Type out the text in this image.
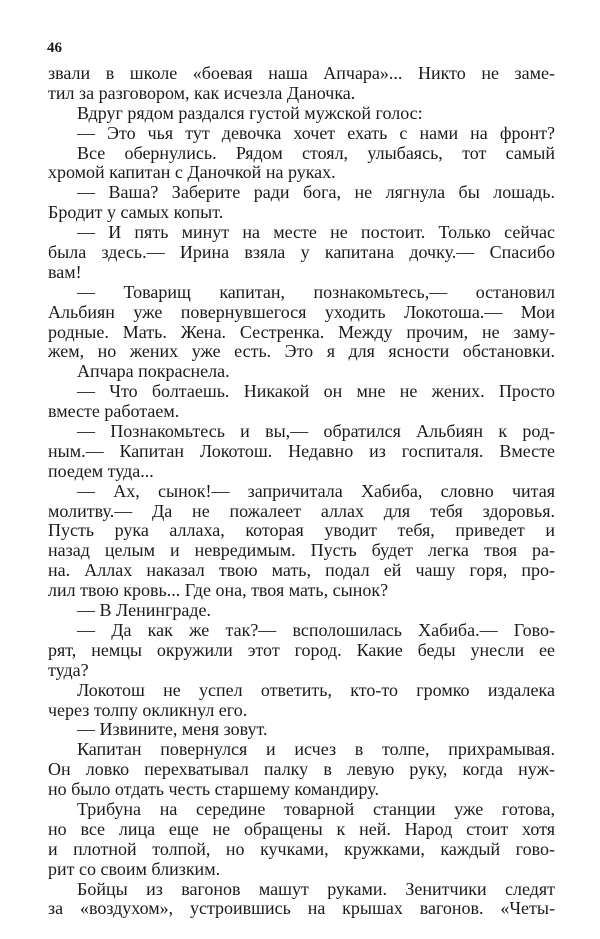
46
звали в школе «боевая наша Апчара»... Никто не заме-
тил за разговором, как исчезла Даночка.
Вдруг рядом раздался густой мужской голос:
— Это чья тут девочка хочет ехать с нами на фронт?
Все обернулись. Рядом стоял, улыбаясь, тот самый
хромой капитан с Даночкой на руках.
— Ваша? Заберите ради бога, не лягнула бы лошадь.
Бродит у самых копыт.
— И пять минут на месте не постоит. Только сейчас
была здесь.— Ирина взяла у капитана дочку.— Спасибо
вам!
— Товарищ капитан, познакомьтесь,— остановил
Альбиян уже повернувшегося уходить Локотоша.— Мои
родные. Мать. Жена. Сестренка. Между прочим, не заму-
жем, но жених уже есть. Это я для ясности обстановки.
Апчара покраснела.
— Что болтаешь. Никакой он мне не жених. Просто
вместе работаем.
— Познакомьтесь и вы,— обратился Альбиян к род-
ным.— Капитан Локотош. Недавно из госпиталя. Вместе
поедем туда...
— Ах, сынок!— запричитала Хабиба, словно читая
молитву.— Да не пожалеет аллах для тебя здоровья.
Пусть рука аллаха, которая уводит тебя, приведет и
назад целым и невредимым. Пусть будет легка твоя ра-
на. Аллах наказал твою мать, подал ей чашу горя, про-
лил твою кровь... Где она, твоя мать, сынок?
— В Ленинграде.
— Да как же так?— всполошилась Хабиба.— Гово-
рят, немцы окружили этот город. Какие беды унесли ее
туда?
Локотош не успел ответить, кто-то громко издалека
через толпу окликнул его.
— Извините, меня зовут.
Капитан повернулся и исчез в толпе, прихрамывая.
Он ловко перехватывал палку в левую руку, когда нуж-
но было отдать честь старшему командиру.
Трибуна на середине товарной станции уже готова,
но все лица еще не обращены к ней. Народ стоит хотя
и плотной толпой, но кучками, кружками, каждый гово-
рит со своим близким.
Бойцы из вагонов машут руками. Зенитчики следят
за «воздухом», устроившись на крышах вагонов. «Четы-
